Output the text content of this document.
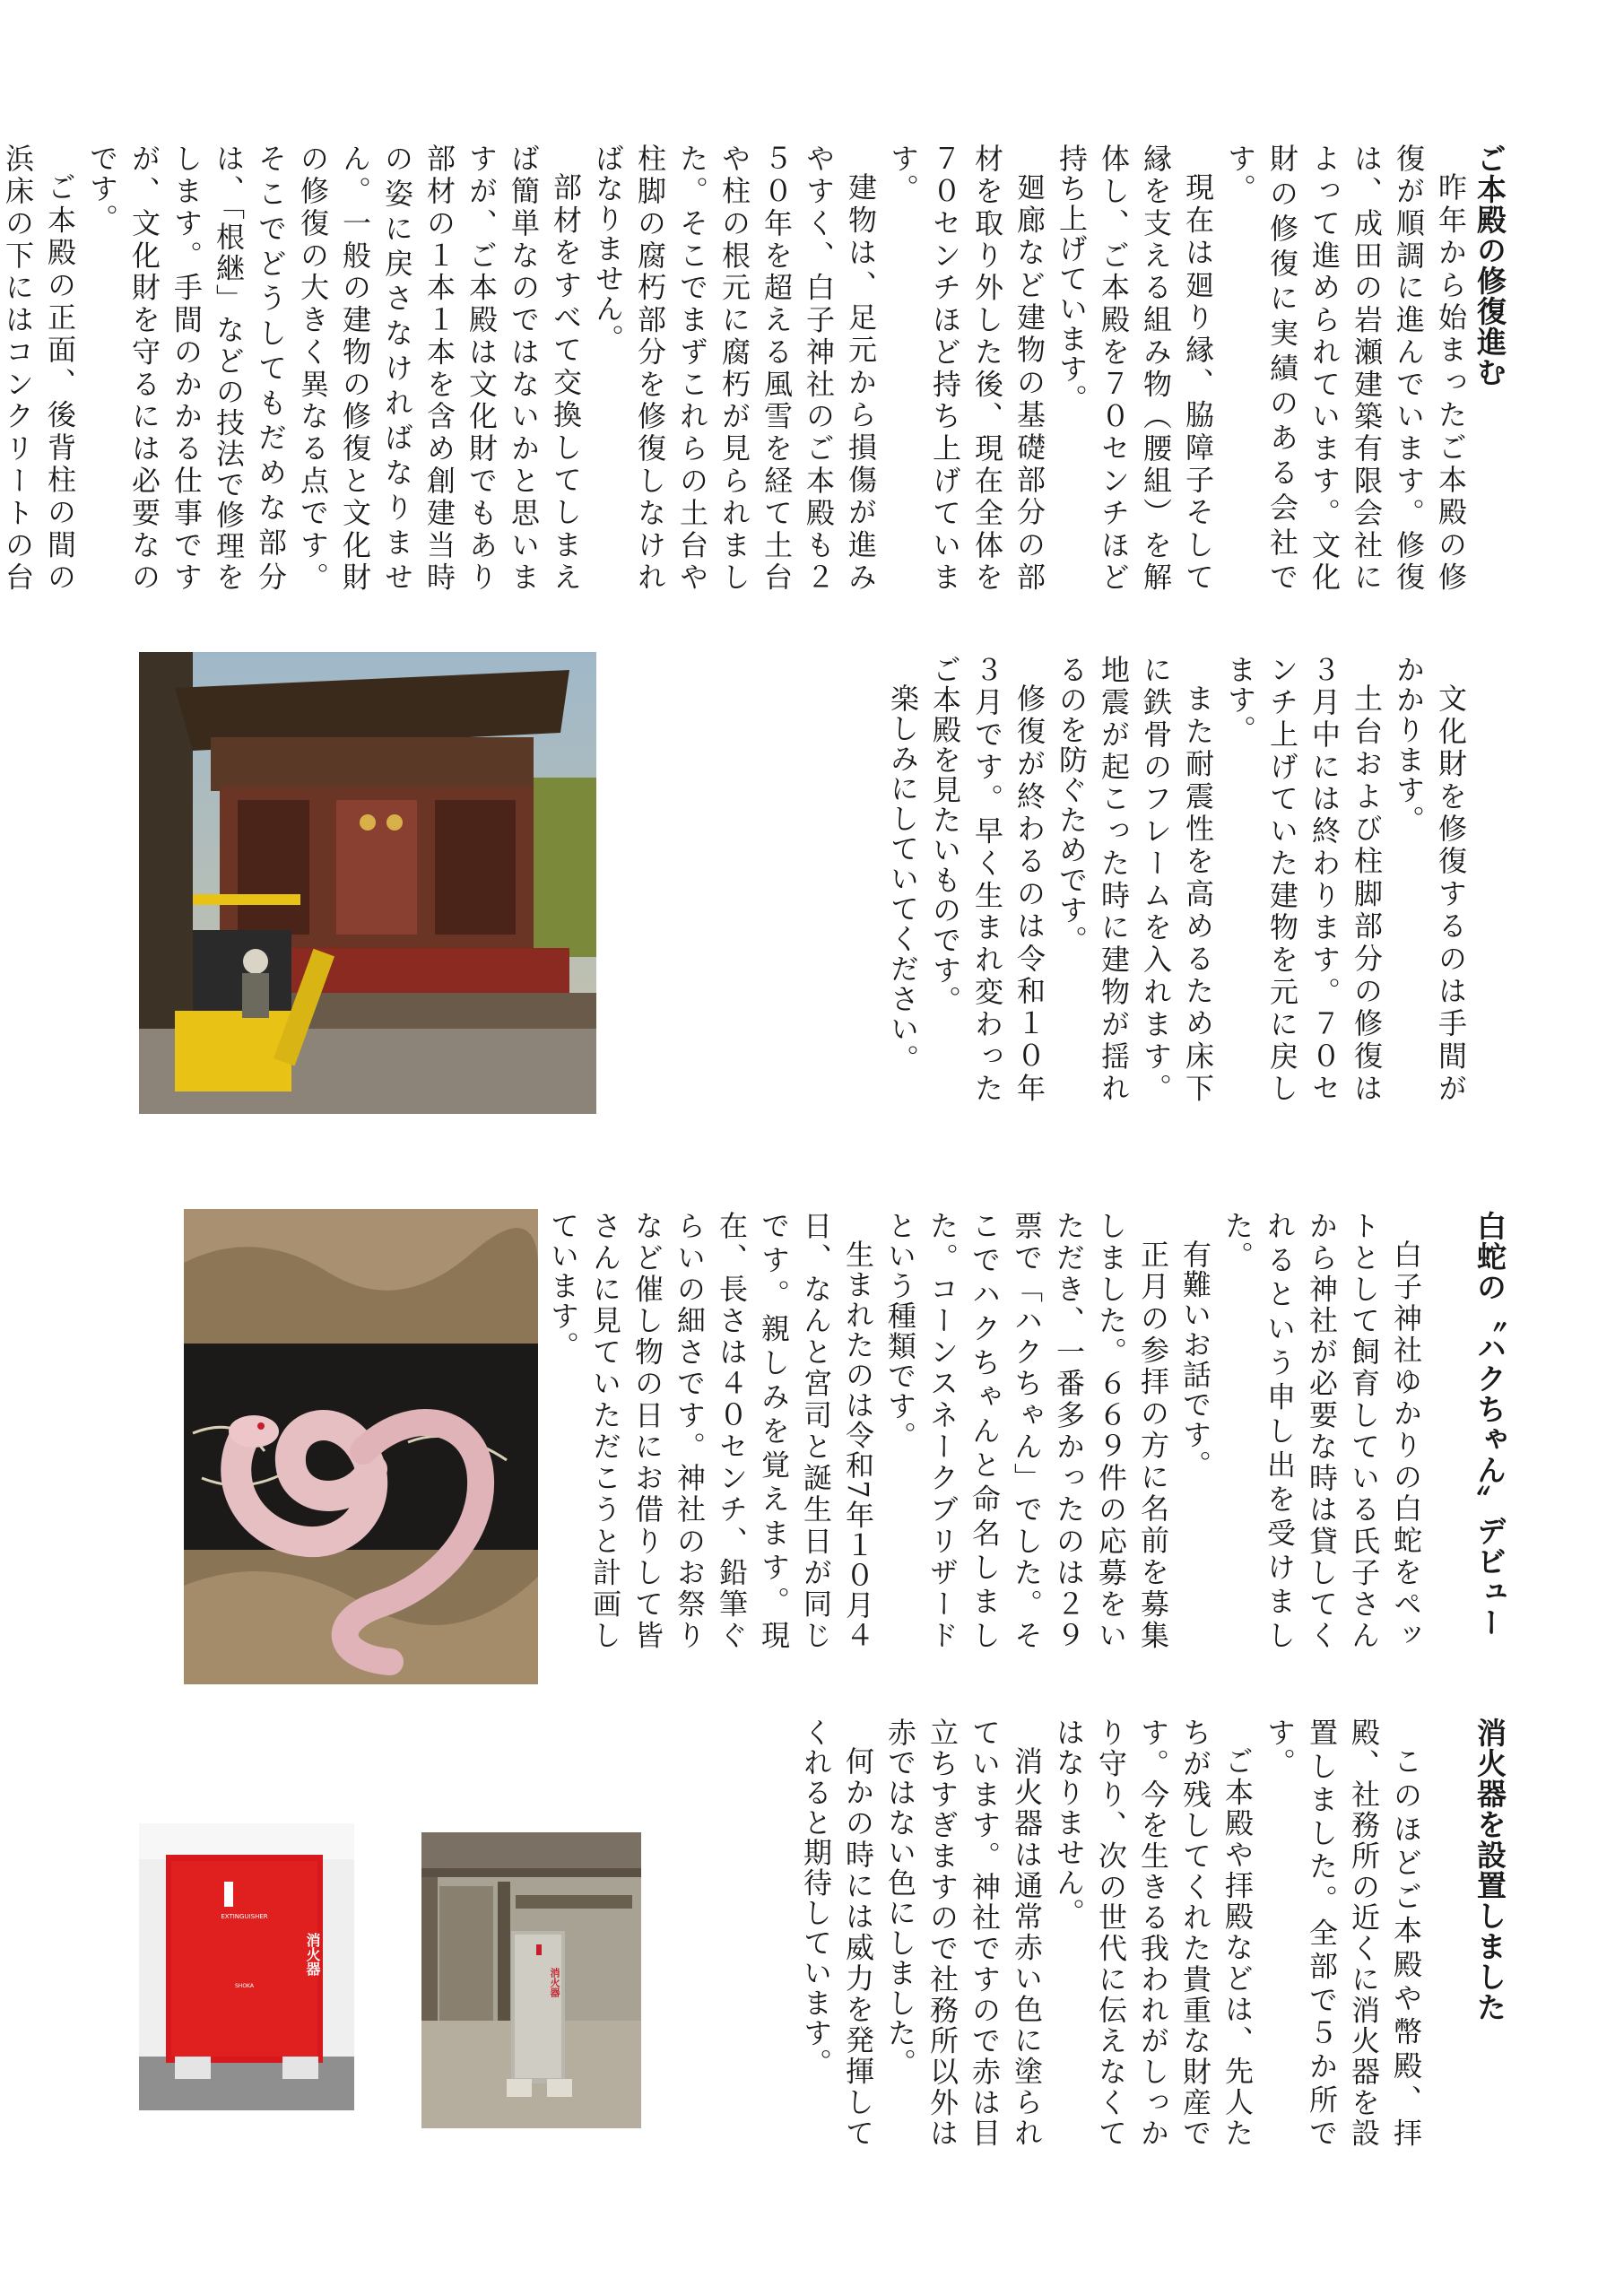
ご本殿の修復進む

昨年から始まったご本殿の修復が順調に進んでいます。修復は、成田の岩瀬建築有限会社によって進められています。文化財の修復に実績のある会社です。

現在は廻り縁、脇障子そして縁を支える組み物（腰組）を解体し、ご本殿を７０センチほど持ち上げています。

廻廊など建物の基礎部分の部材を取り外した後、現在全体を７０センチほど持ち上げています。

建物は、足元から損傷が進みやすく、白子神社のご本殿も２５０年を超える風雪を経て土台や柱の根元に腐朽が見られました。そこでまずこれらの土台や柱脚の腐朽部分を修復しなければなりません。

部材をすべて交換してしまえば簡単なのではないかと思いますが、ご本殿は文化財でもあり部材の１本１本を含め創建当時の姿に戻さなければなりません。一般の建物の修復と文化財の修復の大きく異なる点です。そこでどうしてもだめな部分は、「根継」などの技法で修理をします。手間のかかる仕事ですが、文化財を守るには必要なのです。

ご本殿の正面、後背柱の間の浜床の下にはコンクリートの台

文化財を修復するのは手間がかかります。

土台および柱脚部分の修復は３月中には終わります。７０センチ上げていた建物を元に戻します。

また耐震性を高めるため床下に鉄骨のフレームを入れます。地震が起こった時に建物が揺れるのを防ぐためです。

修復が終わるのは令和１０年３月です。早く生まれ変わったご本殿を見たいものです。

楽しみにしていてください。

白蛇の〝ハクちゃん〟デビュー

白子神社ゆかりの白蛇をペットとして飼育している氏子さんから神社が必要な時は貸してくれるという申し出を受けました。

有難いお話です。

正月の参拝の方に名前を募集しました。６６９件の応募をいただき、一番多かったのは２９票で「ハクちゃん」でした。そこでハクちゃんと命名しました。コーンスネークブリザードという種類です。

生まれたのは令和7年１０月４日、なんと宮司と誕生日が同じです。親しみを覚えます。現在、長さは４０センチ、鉛筆ぐらいの細さです。神社のお祭りなど催し物の日にお借りして皆さんに見ていただこうと計画しています。

消火器を設置しました

このほどご本殿や幣殿、拝殿、社務所の近くに消火器を設置しました。全部で５か所です。

ご本殿や拝殿などは、先人たちが残してくれた貴重な財産です。今を生きる我われがしっかり守り、次の世代に伝えなくてはなりません。

消火器は通常赤い色に塗られています。神社ですので赤は目立ちすぎますので社務所以外は赤ではない色にしました。

何かの時には威力を発揮してくれると期待しています。

EXTINGUISHER
消火器
SHOKA	消火器
